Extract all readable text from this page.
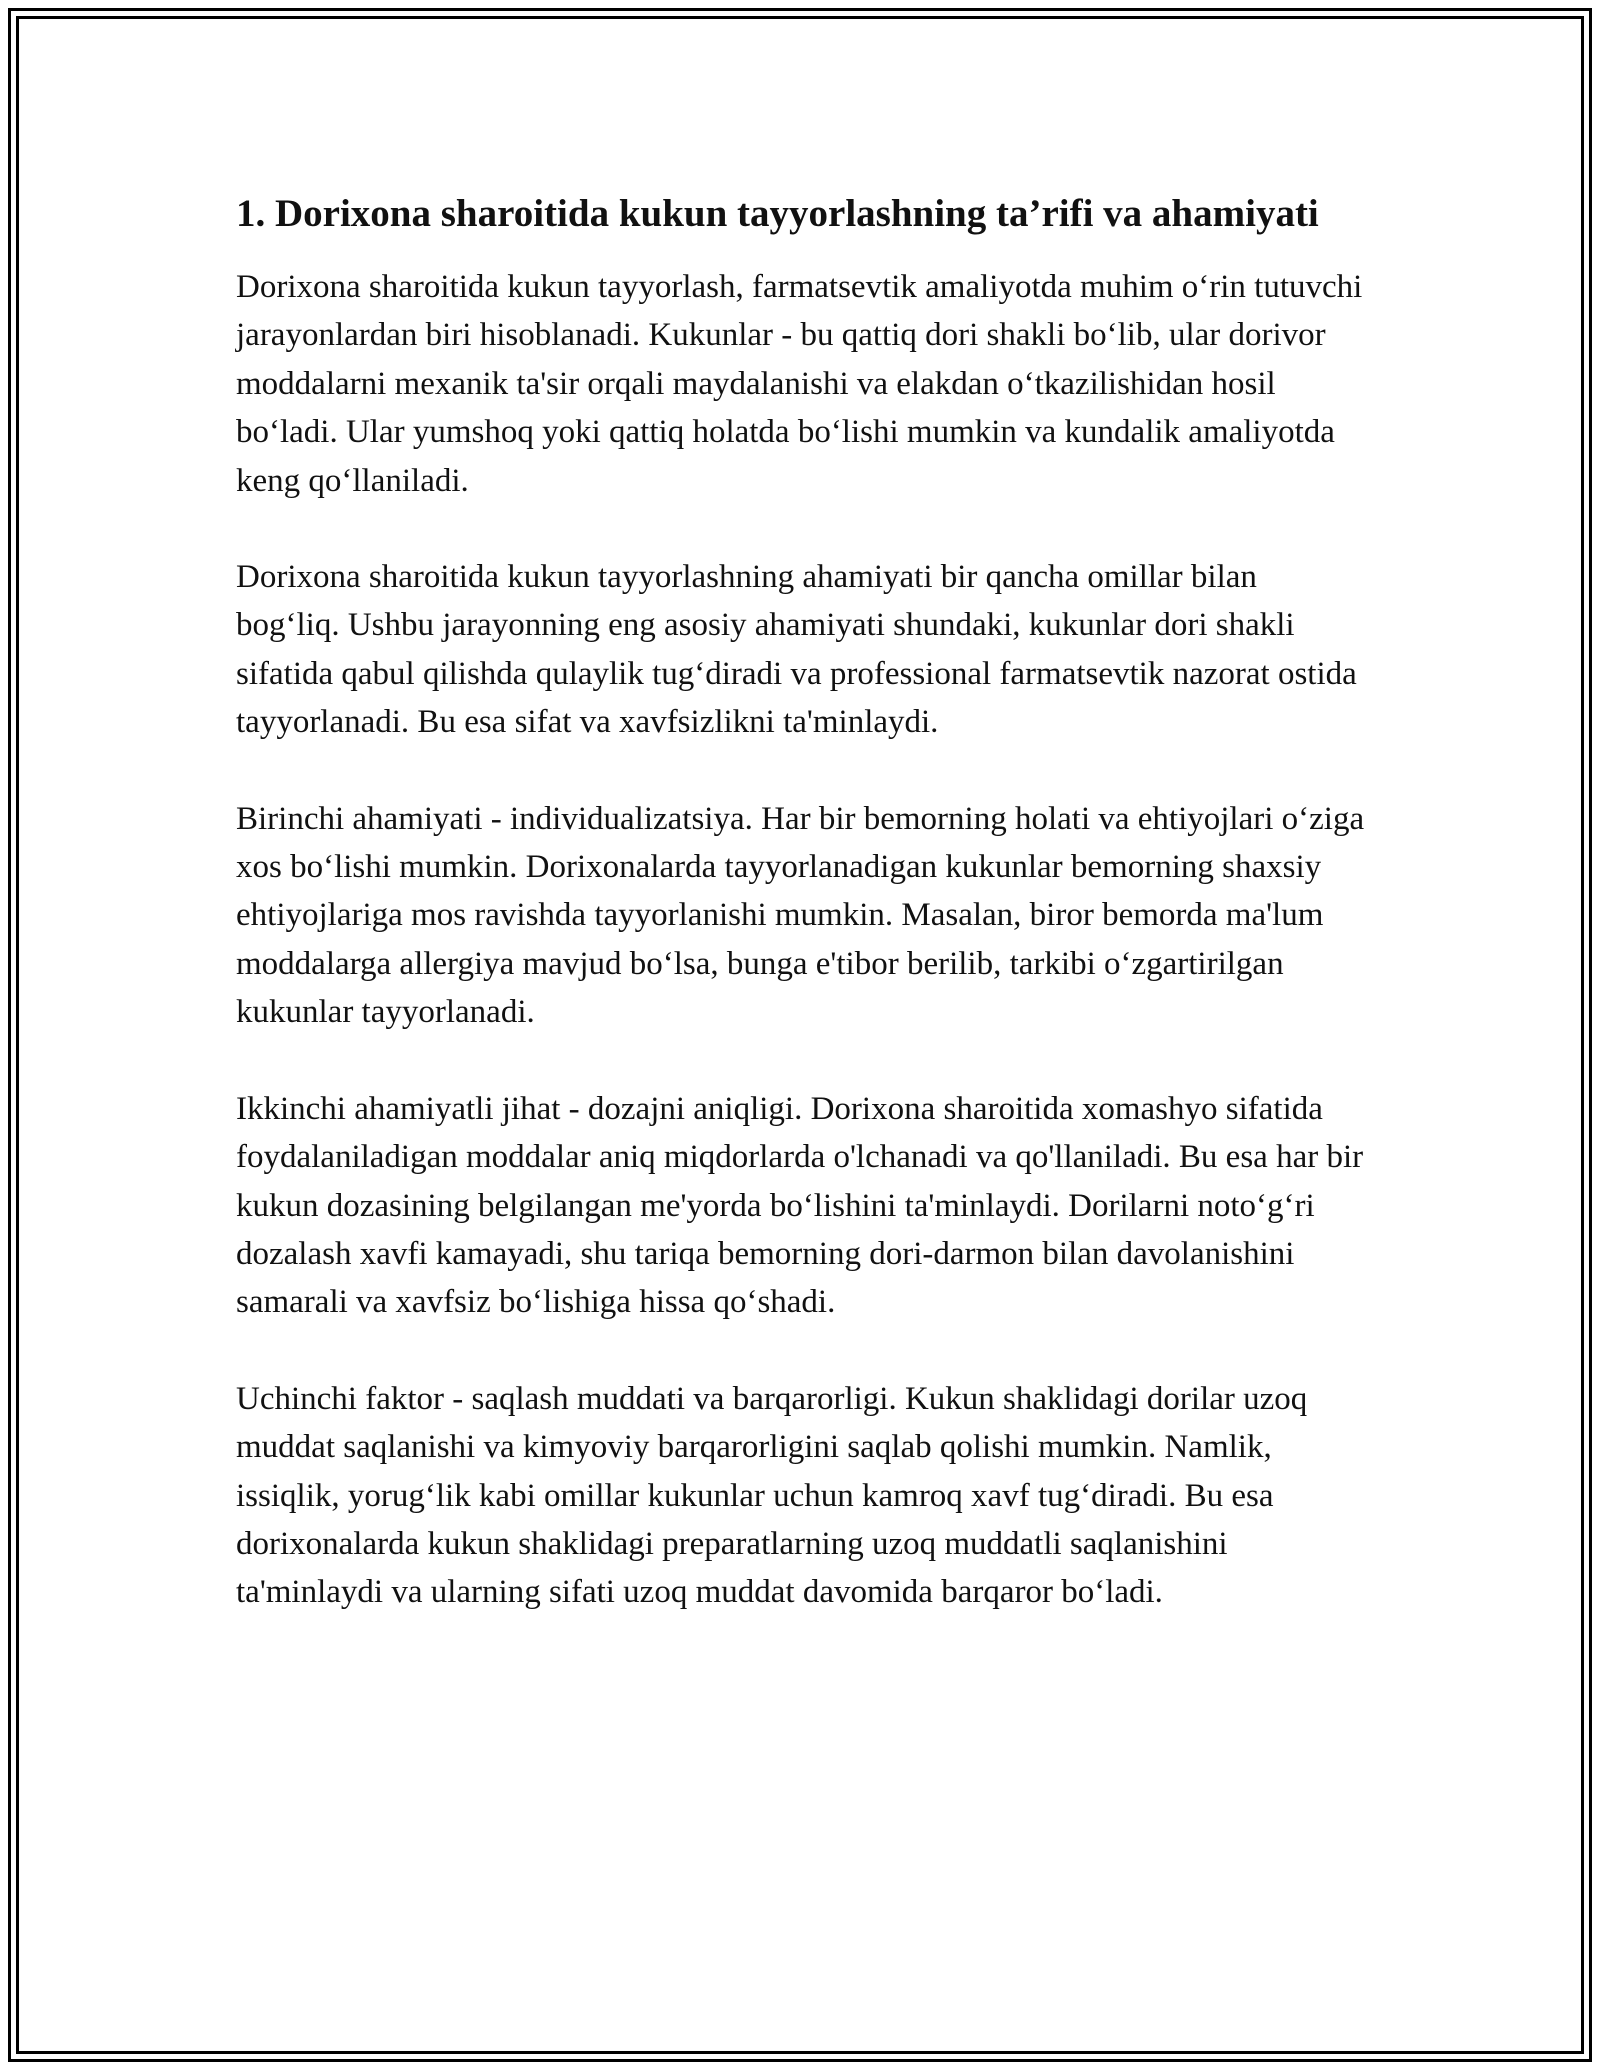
1. Dorixona sharoitida kukun tayyorlashning ta’rifi va ahamiyati

Dorixona sharoitida kukun tayyorlash, farmatsevtik amaliyotda muhim o‘rin tutuvchi jarayonlardan biri hisoblanadi. Kukunlar - bu qattiq dori shakli bo‘lib, ular dorivor moddalarni mexanik ta'sir orqali maydalanishi va elakdan o‘tkazilishidan hosil bo‘ladi. Ular yumshoq yoki qattiq holatda bo‘lishi mumkin va kundalik amaliyotda keng qo‘llaniladi.

Dorixona sharoitida kukun tayyorlashning ahamiyati bir qancha omillar bilan bog‘liq. Ushbu jarayonning eng asosiy ahamiyati shundaki, kukunlar dori shakli sifatida qabul qilishda qulaylik tug‘diradi va professional farmatsevtik nazorat ostida tayyorlanadi. Bu esa sifat va xavfsizlikni ta'minlaydi.

Birinchi ahamiyati - individualizatsiya. Har bir bemorning holati va ehtiyojlari o‘ziga xos bo‘lishi mumkin. Dorixonalarda tayyorlanadigan kukunlar bemorning shaxsiy ehtiyojlariga mos ravishda tayyorlanishi mumkin. Masalan, biror bemorda ma'lum moddalarga allergiya mavjud bo‘lsa, bunga e'tibor berilib, tarkibi o‘zgartirilgan kukunlar tayyorlanadi.

Ikkinchi ahamiyatli jihat - dozajni aniqligi. Dorixona sharoitida xomashyo sifatida foydalaniladigan moddalar aniq miqdorlarda o'lchanadi va qo'llaniladi. Bu esa har bir kukun dozasining belgilangan me'yorda bo‘lishini ta'minlaydi. Dorilarni noto‘g‘ri dozalash xavfi kamayadi, shu tariqa bemorning dori-darmon bilan davolanishini samarali va xavfsiz bo‘lishiga hissa qo‘shadi.

Uchinchi faktor - saqlash muddati va barqarorligi. Kukun shaklidagi dorilar uzoq muddat saqlanishi va kimyoviy barqarorligini saqlab qolishi mumkin. Namlik, issiqlik, yorug‘lik kabi omillar kukunlar uchun kamroq xavf tug‘diradi. Bu esa dorixonalarda kukun shaklidagi preparatlarning uzoq muddatli saqlanishini ta'minlaydi va ularning sifati uzoq muddat davomida barqaror bo‘ladi.
